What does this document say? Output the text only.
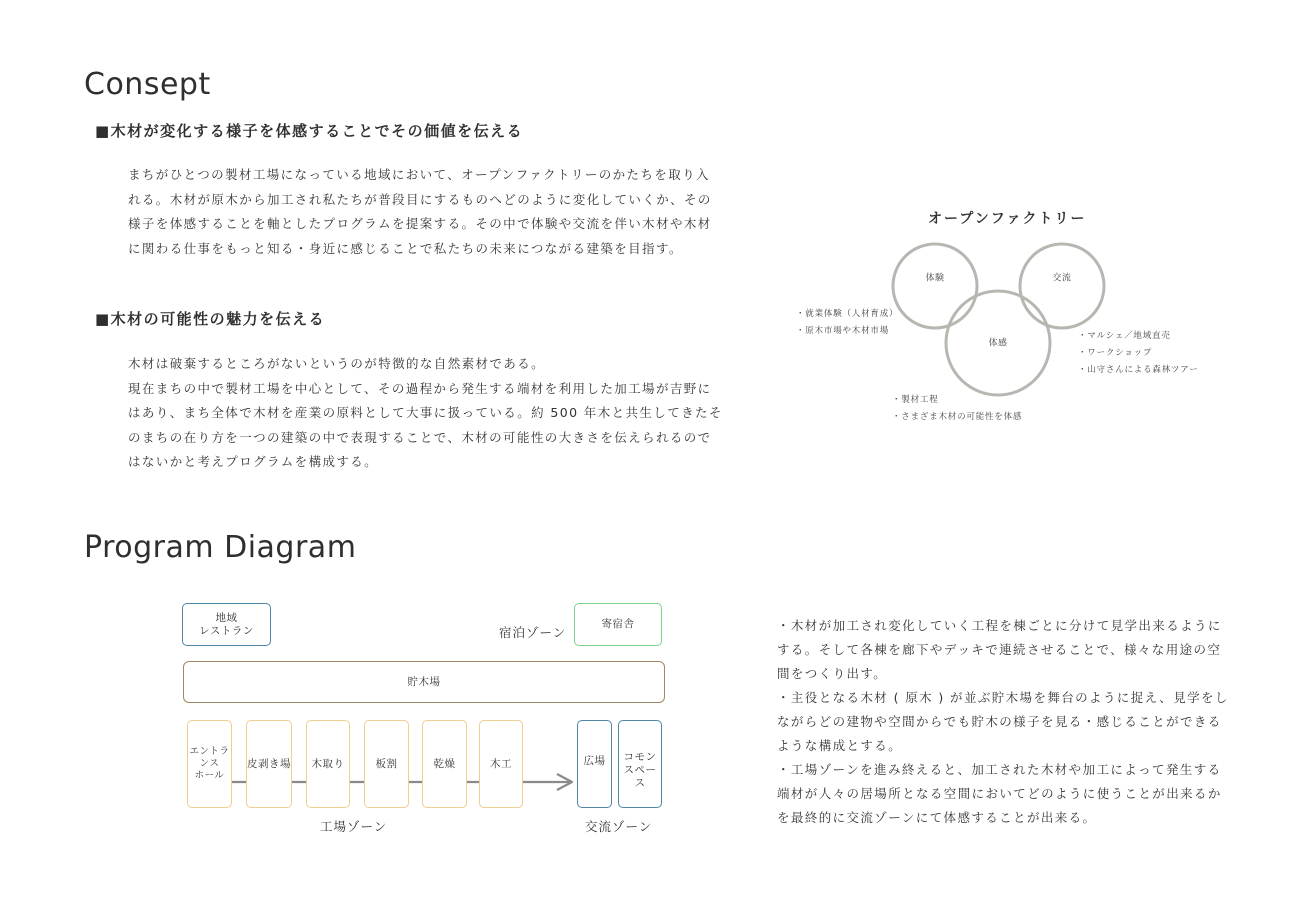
Consept
■木材が変化する様子を体感することでその価値を伝える

まちがひとつの製材工場になっている地域において、オープンファクトリーのかたちを取り入

れる。木材が原木から加工され私たちが普段目にするものへどのように変化していくか、その

様子を体感することを軸としたプログラムを提案する。その中で体験や交流を伴い木材や木材

に関わる仕事をもっと知る・身近に感じることで私たちの未来につながる建築を目指す。

■木材の可能性の魅力を伝える

木材は破棄するところがないというのが特徴的な自然素材である。

現在まちの中で製材工場を中心として、その過程から発生する端材を利用した加工場が吉野に

はあり、まち全体で木材を産業の原料として大事に扱っている。約 500 年木と共生してきたそ

のまちの在り方を一つの建築の中で表現することで、木材の可能性の大きさを伝えられるので

はないかと考えプログラムを構成する。

オープンファクトリー
体験	交流
体感
・就業体験（人材育成）
・原木市場や木材市場	・マルシェ／地域直売
・ワークショップ
・山守さんによる森林ツアー
・製材工程
・さまざま木材の可能性を体感
Program Diagram
地域
レストラン	宿泊ゾーン
寄宿舎
貯木場
エントランス
ホール
皮剥き場 木取り	板割	乾燥	木工	広場	コモン
スペース
工場ゾーン	交流ゾーン

・木材が加工され変化していく工程を棟ごとに分けて見学出来るように

する。そして各棟を廊下やデッキで連続させることで、様々な用途の空

間をつくり出す。

・主役となる木材 ( 原木 ) が並ぶ貯木場を舞台のように捉え、見学をし

ながらどの建物や空間からでも貯木の様子を見る・感じることができる

ような構成とする。

・工場ゾーンを進み終えると、加工された木材や加工によって発生する

端材が人々の居場所となる空間においてどのように使うことが出来るか

を最終的に交流ゾーンにて体感することが出来る。
